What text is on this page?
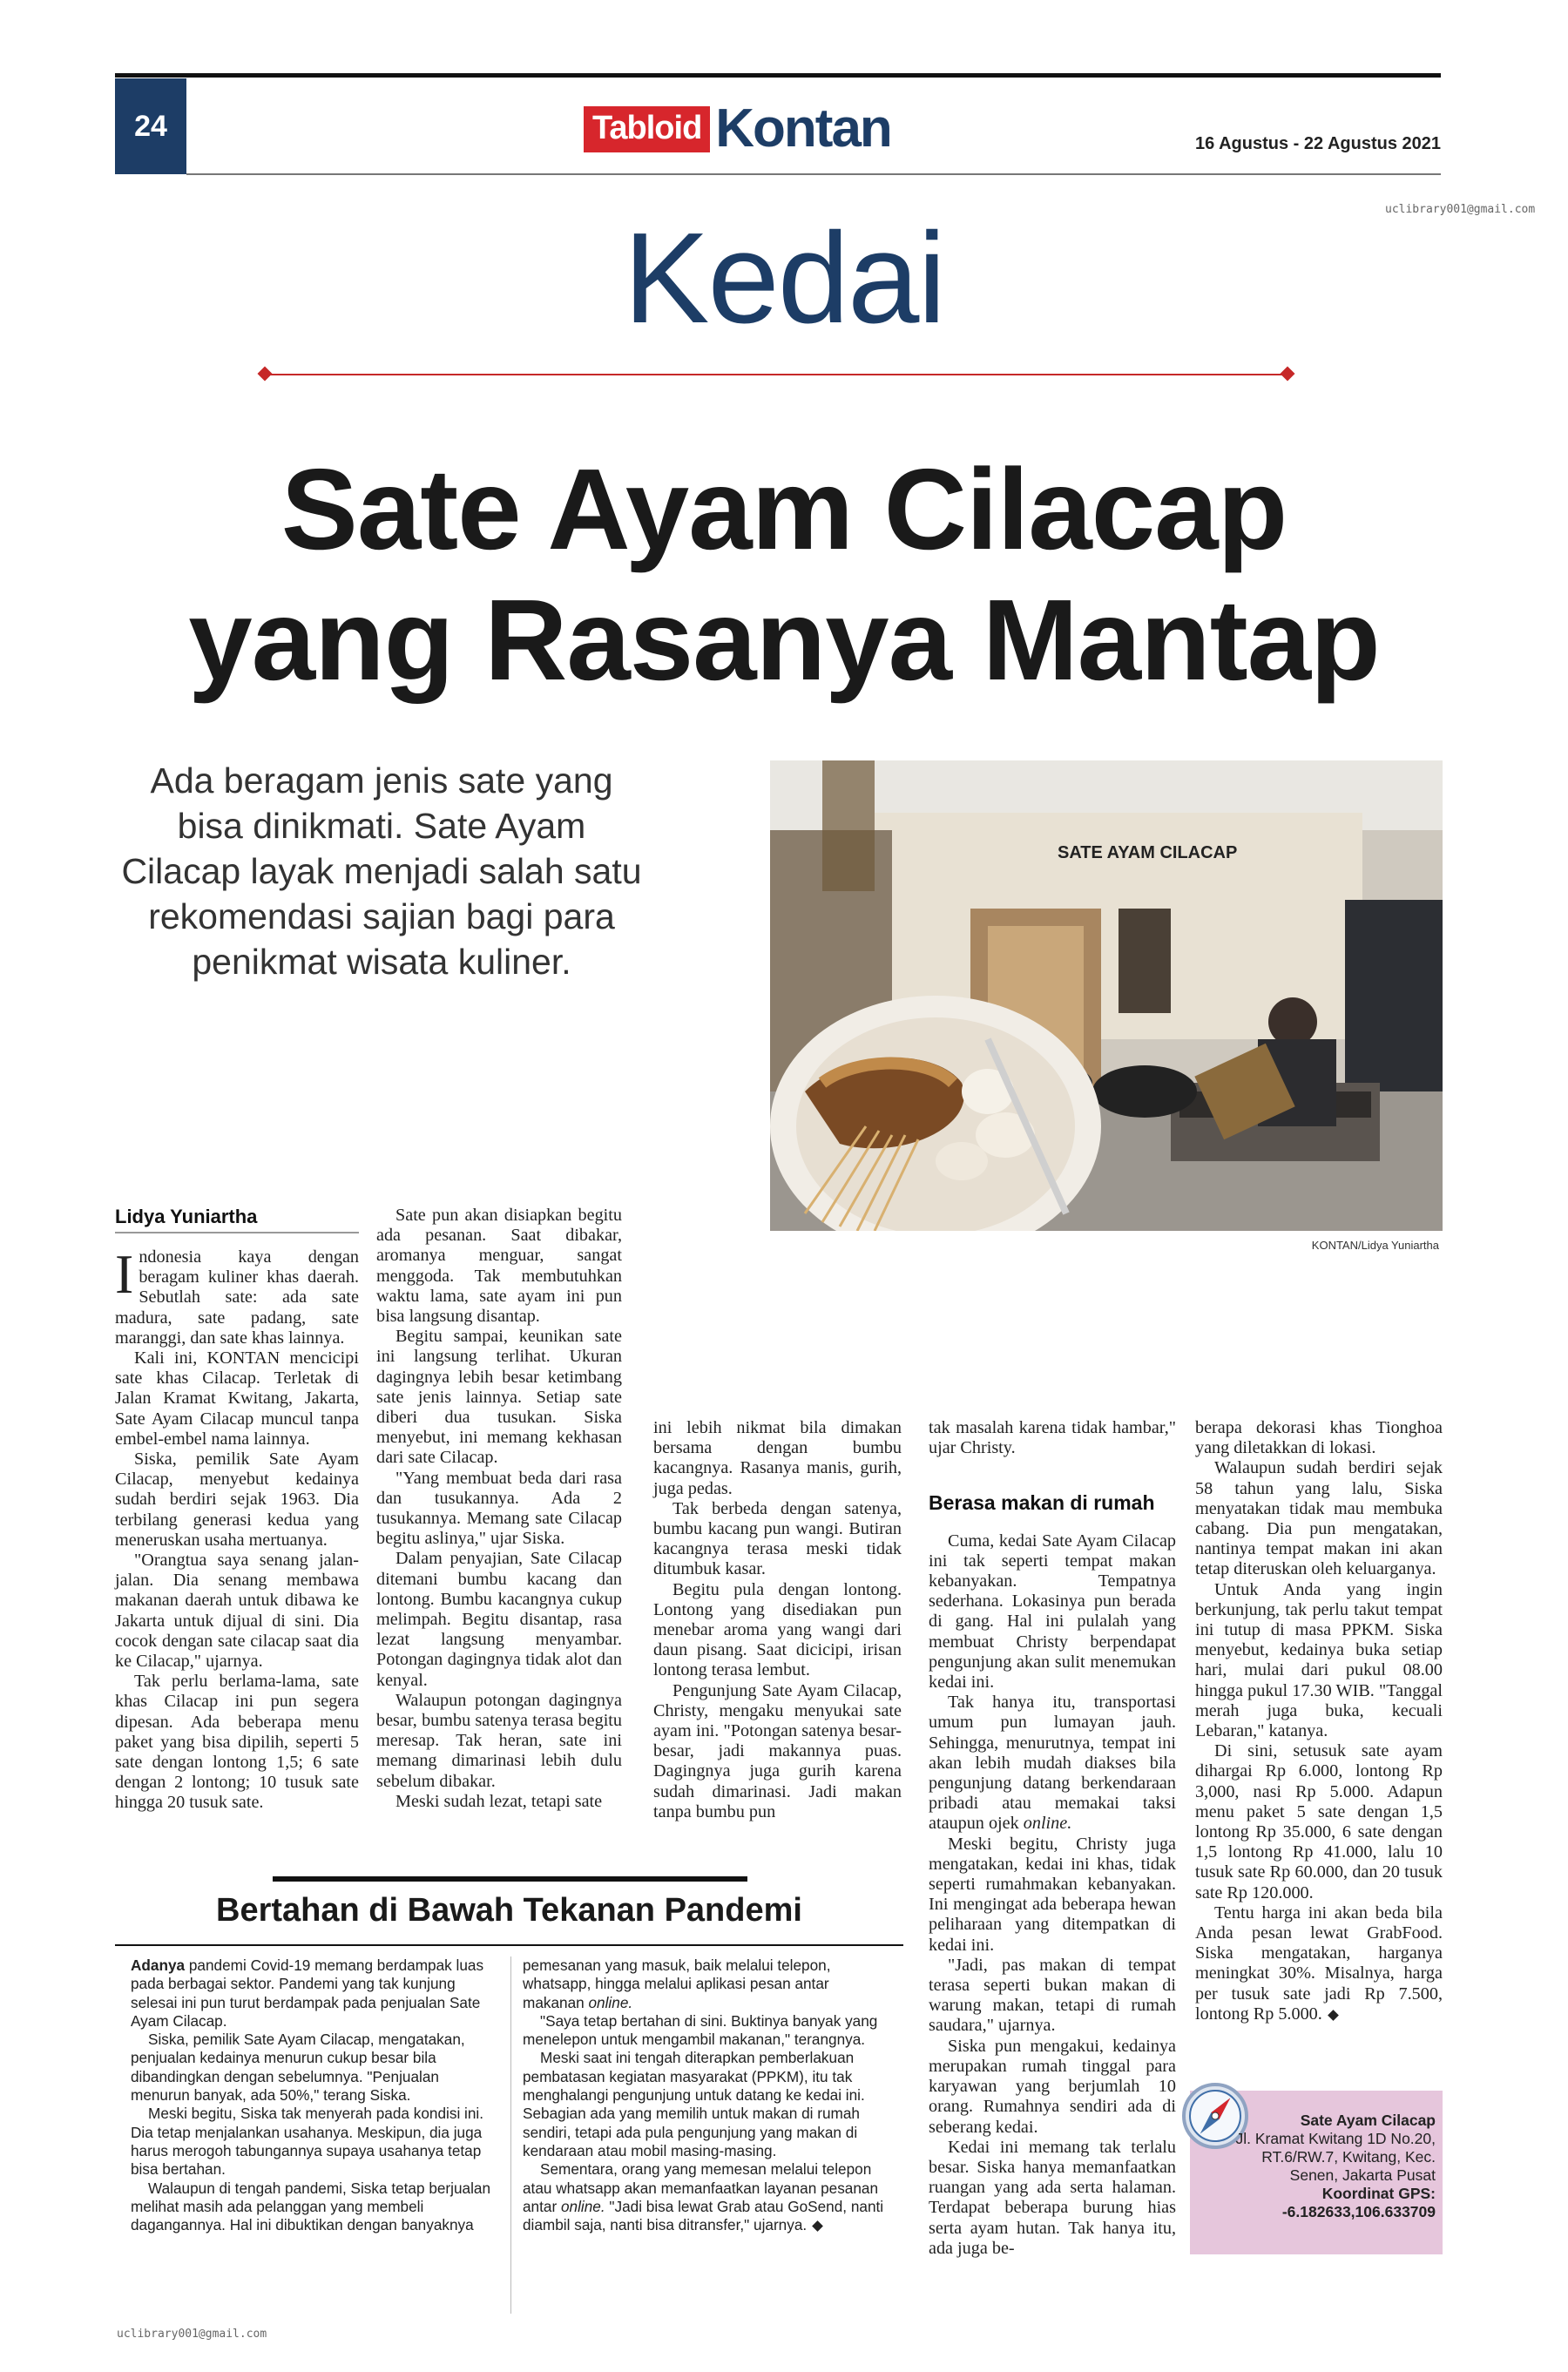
24	Tabloid Kontan	16 Agustus - 22 Agustus 2021
uclibrary001@gmail.com
Kedai
Sate Ayam Cilacap
yang Rasanya Mantap
Ada beragam jenis sate yang bisa dinikmati. Sate Ayam Cilacap layak menjadi salah satu rekomendasi sajian bagi para penikmat wisata kuliner.
SATE AYAM CILACAP
KONTAN/Lidya Yuniartha
Lidya Yuniartha

Indonesia kaya dengan beragam kuliner khas daerah. Sebutlah sate: ada sate madura, sate padang, sate maranggi, dan sate khas lainnya.

Kali ini, KONTAN mencicipi sate khas Cilacap. Terletak di Jalan Kramat Kwitang, Jakarta, Sate Ayam Cilacap muncul tanpa embel-embel nama lainnya.

Siska, pemilik Sate Ayam Cilacap, menyebut kedainya sudah berdiri sejak 1963. Dia terbilang generasi kedua yang meneruskan usaha mertuanya.

"Orangtua saya senang jalan-jalan. Dia senang membawa makanan daerah untuk dibawa ke Jakarta untuk dijual di sini. Dia cocok dengan sate cilacap saat dia ke Cilacap," ujarnya.

Tak perlu berlama-lama, sate khas Cilacap ini pun segera dipesan. Ada beberapa menu paket yang bisa dipilih, seperti 5 sate dengan lontong 1,5; 6 sate dengan 2 lontong; 10 tusuk sate hingga 20 tusuk sate.

Sate pun akan disiapkan begitu ada pesanan. Saat dibakar, aromanya menguar, sangat menggoda. Tak membutuhkan waktu lama, sate ayam ini pun bisa langsung disantap.

Begitu sampai, keunikan sate ini langsung terlihat. Ukuran dagingnya lebih besar ketimbang sate jenis lainnya. Setiap sate diberi dua tusukan. Siska menyebut, ini memang kekhasan dari sate Cilacap.

"Yang membuat beda dari rasa dan tusukannya. Ada 2 tusukannya. Memang sate Cilacap begitu aslinya," ujar Siska.

Dalam penyajian, Sate Cilacap ditemani bumbu kacang dan lontong. Bumbu kacangnya cukup melimpah. Begitu disantap, rasa lezat langsung menyambar. Potongan dagingnya tidak alot dan kenyal.

Walaupun potongan dagingnya besar, bumbu satenya terasa begitu meresap. Tak heran, sate ini memang dimarinasi lebih dulu sebelum dibakar.

Meski sudah lezat, tetapi sate

ini lebih nikmat bila dimakan bersama dengan bumbu kacangnya. Rasanya manis, gurih, juga pedas.

Tak berbeda dengan satenya, bumbu kacang pun wangi. Butiran kacangnya terasa meski tidak ditumbuk kasar.

Begitu pula dengan lontong. Lontong yang disediakan pun menebar aroma yang wangi dari daun pisang. Saat dicicipi, irisan lontong terasa lembut.

Pengunjung Sate Ayam Cilacap, Christy, mengaku menyukai sate ayam ini. "Potongan satenya besar-besar, jadi makannya puas. Dagingnya juga gurih karena sudah dimarinasi. Jadi makan tanpa bumbu pun

tak masalah karena tidak hambar," ujar Christy.

Berasa makan di rumah

Cuma, kedai Sate Ayam Cilacap ini tak seperti tempat makan kebanyakan. Tempatnya sederhana. Lokasinya pun berada di gang. Hal ini pulalah yang membuat Christy berpendapat pengunjung akan sulit menemukan kedai ini.

Tak hanya itu, transportasi umum pun lumayan jauh. Sehingga, menurutnya, tempat ini akan lebih mudah diakses bila pengunjung datang berkendaraan pribadi atau memakai taksi ataupun ojek online.

Meski begitu, Christy juga mengatakan, kedai ini khas, tidak seperti rumahmakan kebanyakan. Ini mengingat ada beberapa hewan peliharaan yang ditempatkan di kedai ini.

"Jadi, pas makan di tempat terasa seperti bukan makan di warung makan, tetapi di rumah saudara," ujarnya.

Siska pun mengakui, kedainya merupakan rumah tinggal para karyawan yang berjumlah 10 orang. Rumahnya sendiri ada di seberang kedai.

Kedai ini memang tak terlalu besar. Siska hanya memanfaatkan ruangan yang ada serta halaman. Terdapat beberapa burung hias serta ayam hutan. Tak hanya itu, ada juga be-

berapa dekorasi khas Tionghoa yang diletakkan di lokasi.

Walaupun sudah berdiri sejak 58 tahun yang lalu, Siska menyatakan tidak mau membuka cabang. Dia pun mengatakan, nantinya tempat makan ini akan tetap diteruskan oleh keluarganya.

Untuk Anda yang ingin berkunjung, tak perlu takut tempat ini tutup di masa PPKM. Siska menyebut, kedainya buka setiap hari, mulai dari pukul 08.00 hingga pukul 17.30 WIB. "Tanggal merah juga buka, kecuali Lebaran," katanya.

Di sini, setusuk sate ayam dihargai Rp 6.000, lontong Rp 3,000, nasi Rp 5.000. Adapun menu paket 5 sate dengan 1,5 lontong Rp 35.000, 6 sate dengan 1,5 lontong Rp 41.000, lalu 10 tusuk sate Rp 60.000, dan 20 tusuk sate Rp 120.000.

Tentu harga ini akan beda bila Anda pesan lewat GrabFood. Siska mengatakan, harganya meningkat 30%. Misalnya, harga per tusuk sate jadi Rp 7.500, lontong Rp 5.000.

Bertahan di Bawah Tekanan Pandemi

Adanya pandemi Covid-19 memang berdampak luas pada berbagai sektor. Pandemi yang tak kunjung selesai ini pun turut berdampak pada penjualan Sate Ayam Cilacap.

Siska, pemilik Sate Ayam Cilacap, mengatakan, penjualan kedainya menurun cukup besar bila dibandingkan dengan sebelumnya. "Penjualan menurun banyak, ada 50%," terang Siska.

Meski begitu, Siska tak menyerah pada kondisi ini. Dia tetap menjalankan usahanya. Meskipun, dia juga harus merogoh tabungannya supaya usahanya tetap bisa bertahan.

Walaupun di tengah pandemi, Siska tetap berjualan melihat masih ada pelanggan yang membeli dagangannya. Hal ini dibuktikan dengan banyaknya

pemesanan yang masuk, baik melalui telepon, whatsapp, hingga melalui aplikasi pesan antar makanan online.

"Saya tetap bertahan di sini. Buktinya banyak yang menelepon untuk mengambil makanan," terangnya.

Meski saat ini tengah diterapkan pemberlakuan pembatasan kegiatan masyarakat (PPKM), itu tak menghalangi pengunjung untuk datang ke kedai ini. Sebagian ada yang memilih untuk makan di rumah sendiri, tetapi ada pula pengunjung yang makan di kendaraan atau mobil masing-masing.

Sementara, orang yang memesan melalui telepon atau whatsapp akan memanfaatkan layanan pesanan antar online. "Jadi bisa lewat Grab atau GoSend, nanti diambil saja, nanti bisa ditransfer," ujarnya.

uclibrary001@gmail.com
Sate Ayam Cilacap
Jl. Kramat Kwitang 1D No.20,
RT.6/RW.7, Kwitang, Kec.
Senen, Jakarta Pusat
Koordinat GPS:
-6.182633,106.633709
